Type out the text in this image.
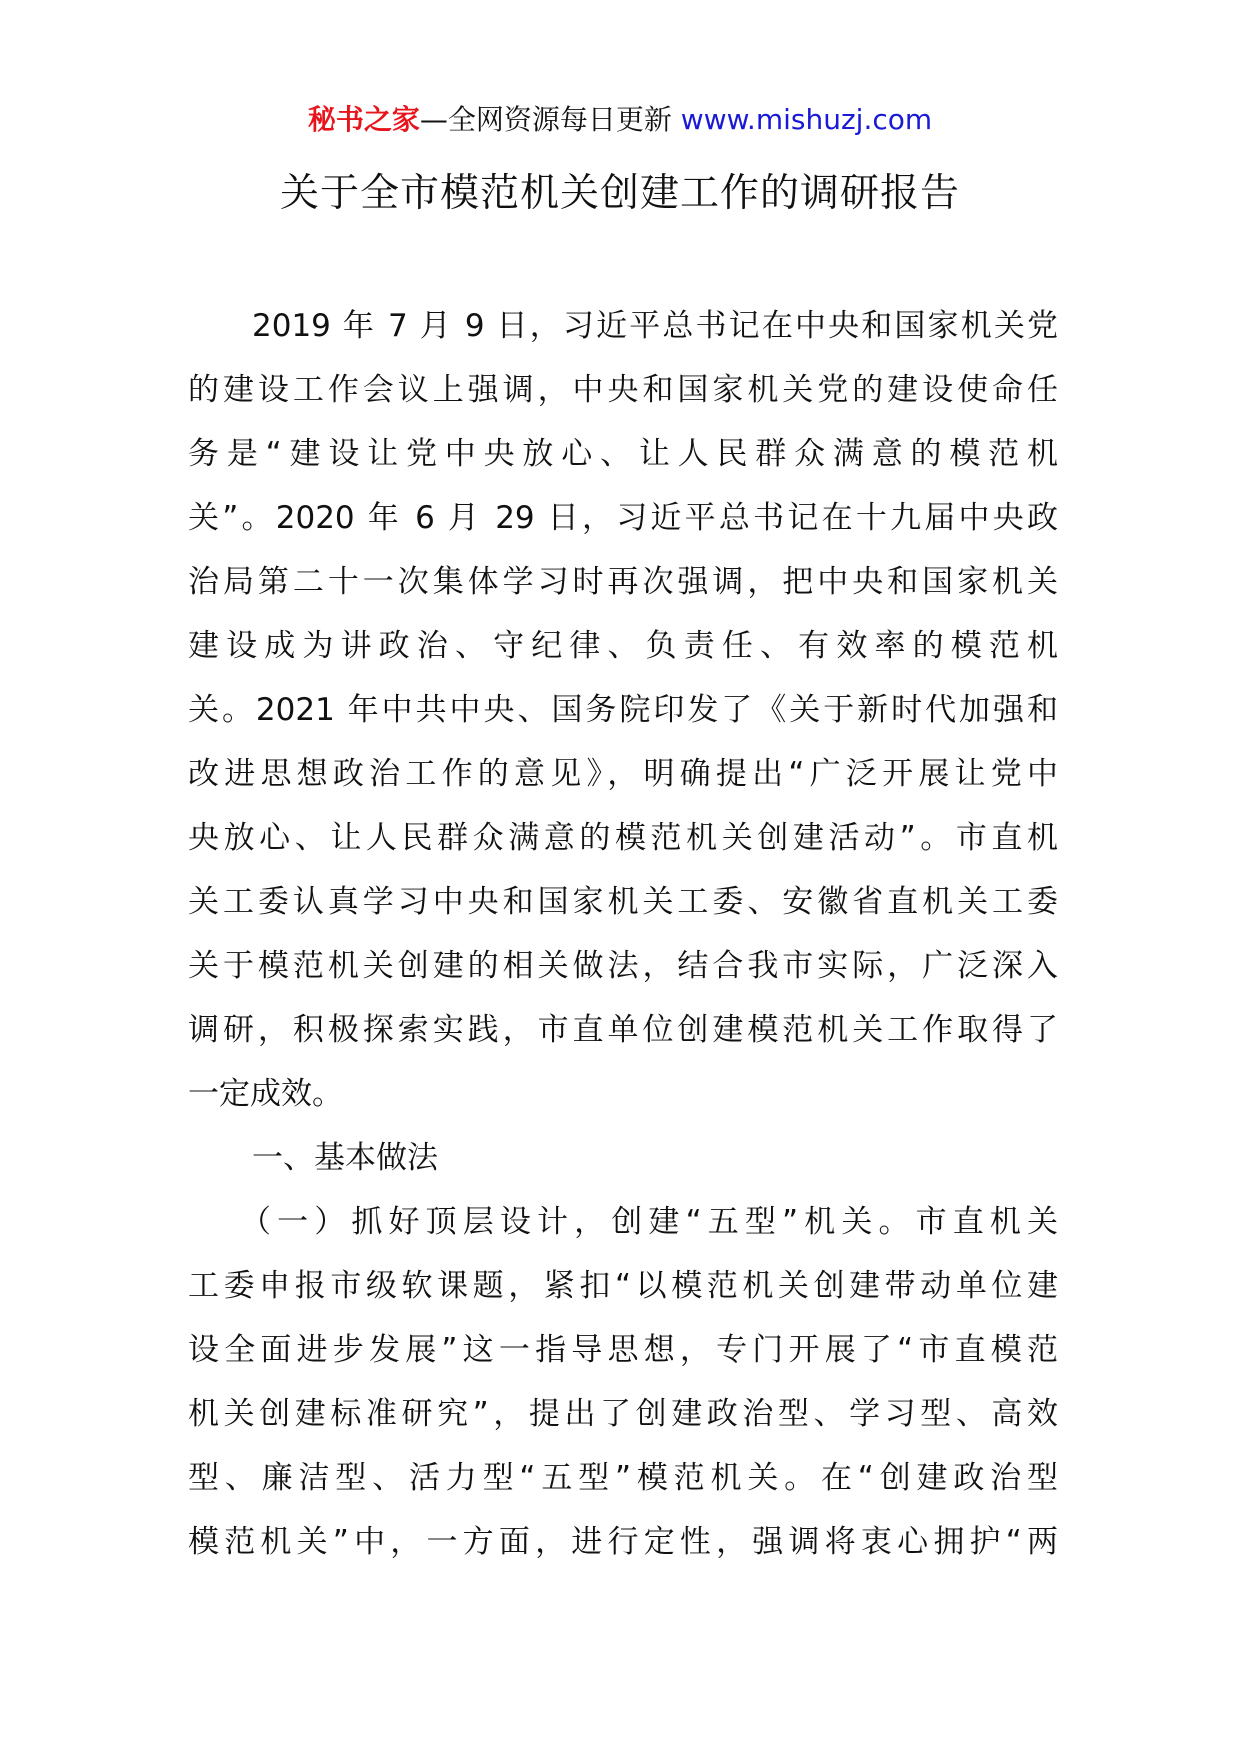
秘书之家—全网资源每日更新 www.mishuzj.com
关于全市模范机关创建工作的调研报告
2019 年 7 月 9 日，习近平总书记在中央和国家机关党
的建设工作会议上强调，中央和国家机关党的建设使命任
务是“建设让党中央放心、让人民群众满意的模范机
关”。2020 年 6 月 29 日，习近平总书记在十九届中央政
治局第二十一次集体学习时再次强调，把中央和国家机关
建设成为讲政治、守纪律、负责任、有效率的模范机
关。2021 年中共中央、国务院印发了《关于新时代加强和
改进思想政治工作的意见》，明确提出“广泛开展让党中
央放心、让人民群众满意的模范机关创建活动”。市直机
关工委认真学习中央和国家机关工委、安徽省直机关工委
关于模范机关创建的相关做法，结合我市实际，广泛深入
调研，积极探索实践，市直单位创建模范机关工作取得了
一定成效。
一、基本做法
（一）抓好顶层设计，创建“五型”机关。市直机关
工委申报市级软课题，紧扣“以模范机关创建带动单位建
设全面进步发展”这一指导思想，专门开展了“市直模范
机关创建标准研究”，提出了创建政治型、学习型、高效
型、廉洁型、活力型“五型”模范机关。在“创建政治型
模范机关”中，一方面，进行定性，强调将衷心拥护“两
